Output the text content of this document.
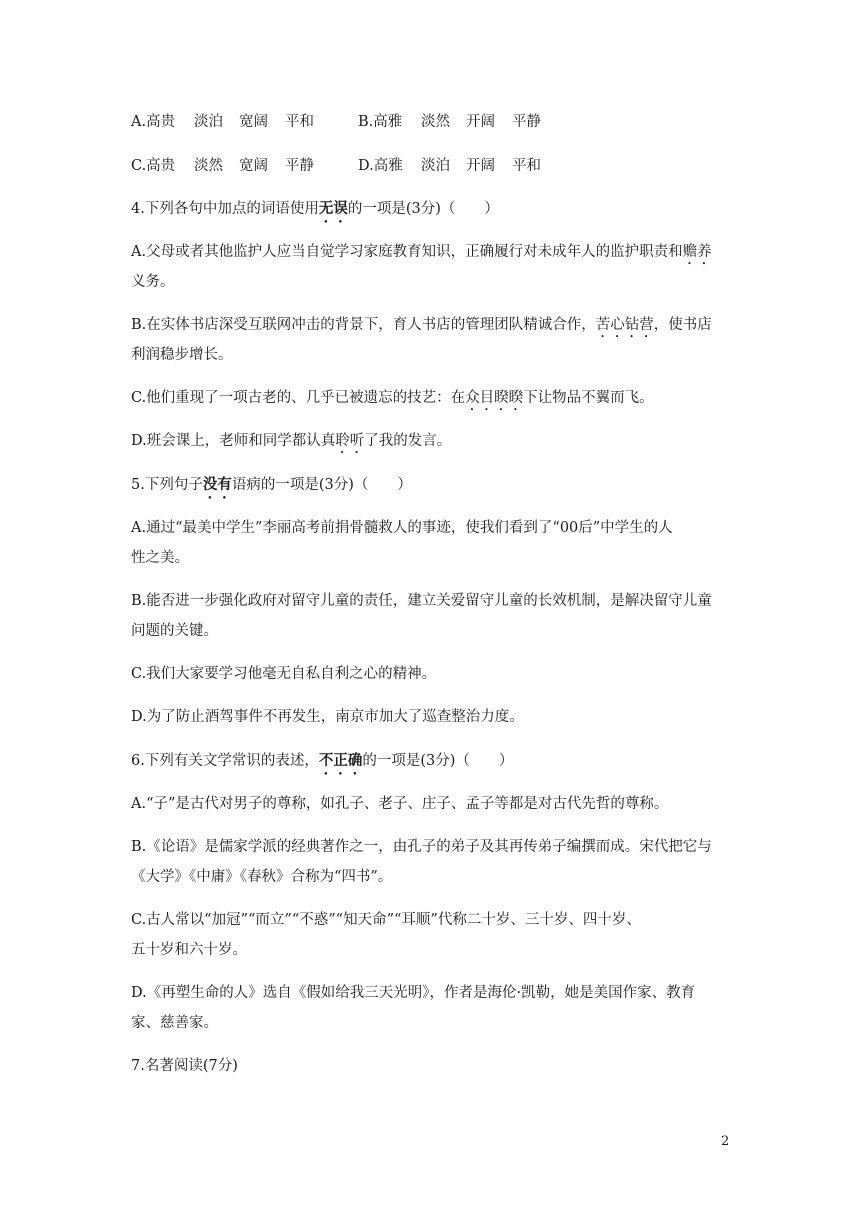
A.高贵 淡泊 宽阔 平和	B.高雅 淡然 开阔 平静
C.高贵 淡然 宽阔 平静	D.高雅 淡泊 开阔 平和
4.下列各句中加点的词语使用无误的一项是(3分)（　　）
A.父母或者其他监护人应当自觉学习家庭教育知识，正确履行对未成年人的监护职责和赡养
义务。
B.在实体书店深受互联网冲击的背景下，育人书店的管理团队精诚合作，苦心钻营，使书店
利润稳步增长。
C.他们重现了一项古老的、几乎已被遗忘的技艺：在众目睽睽下让物品不翼而飞。
D.班会课上，老师和同学都认真聆听了我的发言。
5.下列句子没有语病的一项是(3分)（　　）
A.通过“最美中学生”李丽高考前捐骨髓救人的事迹，使我们看到了“00后”中学生的人
性之美。
B.能否进一步强化政府对留守儿童的责任，建立关爱留守儿童的长效机制，是解决留守儿童
问题的关键。
C.我们大家要学习他毫无自私自利之心的精神。
D.为了防止酒驾事件不再发生，南京市加大了巡查整治力度。
6.下列有关文学常识的表述，不正确的一项是(3分)（　　）
A.“子”是古代对男子的尊称，如孔子、老子、庄子、孟子等都是对古代先哲的尊称。
B.《论语》是儒家学派的经典著作之一，由孔子的弟子及其再传弟子编撰而成。宋代把它与
《大学》《中庸》《春秋》合称为“四书”。
C.古人常以“加冠”“而立”“不惑”“知天命”“耳顺”代称二十岁、三十岁、四十岁、
五十岁和六十岁。
D.《再塑生命的人》选自《假如给我三天光明》，作者是海伦·凯勒，她是美国作家、教育
家、慈善家。
7.名著阅读(7分)
2
